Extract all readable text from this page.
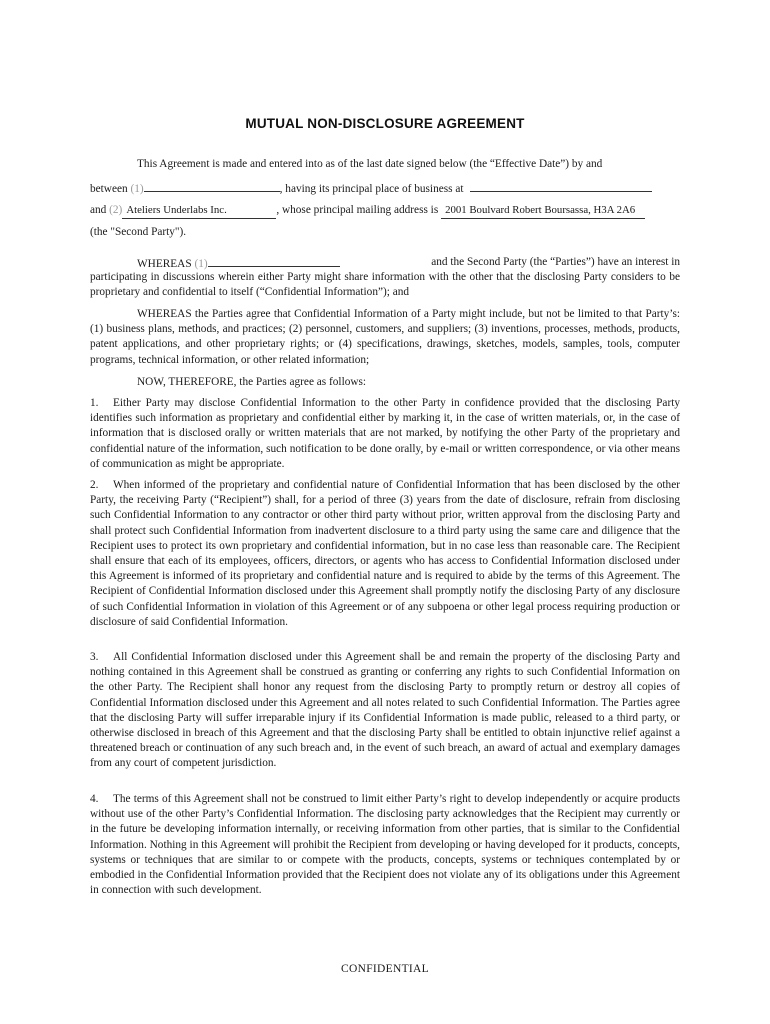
MUTUAL NON-DISCLOSURE AGREEMENT
This Agreement is made and entered into as of the last date signed below (the “Effective Date”) by and
between (1)	, having its principal place of business at
and (2) Ateliers Underlabs Inc.	, whose principal mailing address is 2001 Boulvard Robert Boursassa, H3A 2A6
(the "Second Party").
WHEREAS (1)	and the Second Party (the “Parties”) have an interest in
participating in discussions wherein either Party might share information with the other that the disclosing Party considers to be proprietary and confidential to itself (“Confidential Information”); and
WHEREAS the Parties agree that Confidential Information of a Party might include, but not be limited to that Party’s: (1) business plans, methods, and practices; (2) personnel, customers, and suppliers; (3) inventions, processes, methods, products, patent applications, and other proprietary rights; or (4) specifications, drawings, sketches, models, samples, tools, computer programs, technical information, or other related information;
NOW, THEREFORE, the Parties agree as follows:
1. Either Party may disclose Confidential Information to the other Party in confidence provided that the disclosing Party identifies such information as proprietary and confidential either by marking it, in the case of written materials, or, in the case of information that is disclosed orally or written materials that are not marked, by notifying the other Party of the proprietary and confidential nature of the information, such notification to be done orally, by e-mail or written correspondence, or via other means of communication as might be appropriate.
2. When informed of the proprietary and confidential nature of Confidential Information that has been disclosed by the other Party, the receiving Party (“Recipient”) shall, for a period of three (3) years from the date of disclosure, refrain from disclosing such Confidential Information to any contractor or other third party without prior, written approval from the disclosing Party and shall protect such Confidential Information from inadvertent disclosure to a third party using the same care and diligence that the Recipient uses to protect its own proprietary and confidential information, but in no case less than reasonable care. The Recipient shall ensure that each of its employees, officers, directors, or agents who has access to Confidential Information disclosed under this Agreement is informed of its proprietary and confidential nature and is required to abide by the terms of this Agreement. The Recipient of Confidential Information disclosed under this Agreement shall promptly notify the disclosing Party of any disclosure of such Confidential Information in violation of this Agreement or of any subpoena or other legal process requiring production or disclosure of said Confidential Information.
3. All Confidential Information disclosed under this Agreement shall be and remain the property of the disclosing Party and nothing contained in this Agreement shall be construed as granting or conferring any rights to such Confidential Information on the other Party. The Recipient shall honor any request from the disclosing Party to promptly return or destroy all copies of Confidential Information disclosed under this Agreement and all notes related to such Confidential Information. The Parties agree that the disclosing Party will suffer irreparable injury if its Confidential Information is made public, released to a third party, or otherwise disclosed in breach of this Agreement and that the disclosing Party shall be entitled to obtain injunctive relief against a threatened breach or continuation of any such breach and, in the event of such breach, an award of actual and exemplary damages from any court of competent jurisdiction.
4. The terms of this Agreement shall not be construed to limit either Party’s right to develop independently or acquire products without use of the other Party’s Confidential Information. The disclosing party acknowledges that the Recipient may currently or in the future be developing information internally, or receiving information from other parties, that is similar to the Confidential Information. Nothing in this Agreement will prohibit the Recipient from developing or having developed for it products, concepts, systems or techniques that are similar to or compete with the products, concepts, systems or techniques contemplated by or embodied in the Confidential Information provided that the Recipient does not violate any of its obligations under this Agreement in connection with such development.
CONFIDENTIAL
